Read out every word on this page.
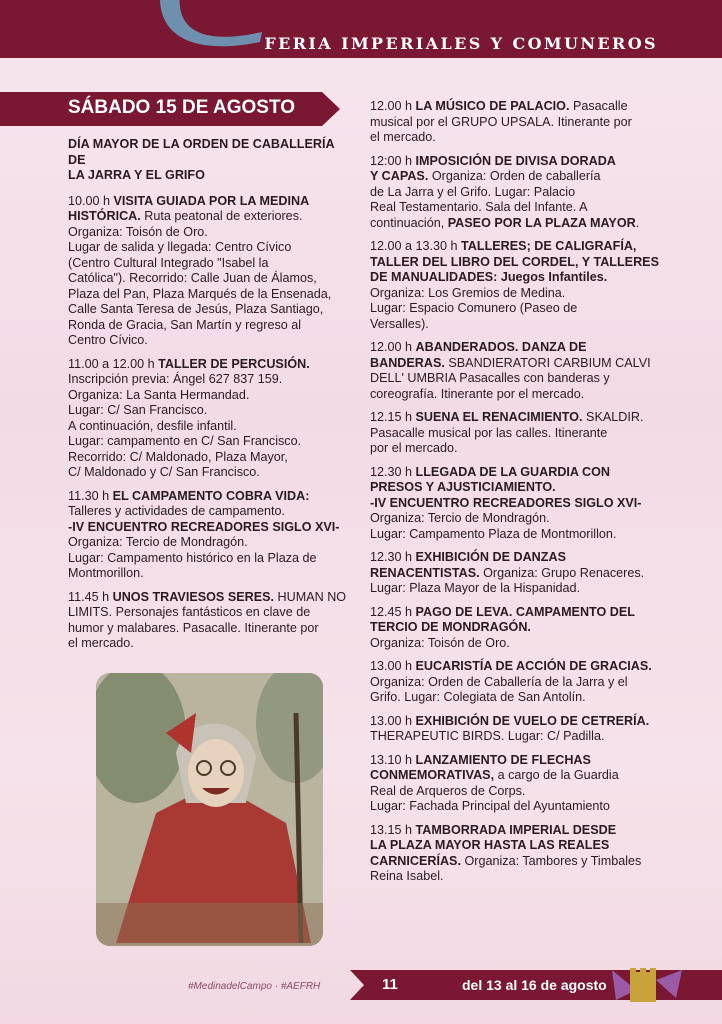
FERIA IMPERIALES Y COMUNEROS
SÁBADO 15 DE AGOSTO
DÍA MAYOR DE LA ORDEN DE CABALLERÍA DE
LA JARRA Y EL GRIFO
10.00 h VISITA GUIADA POR LA MEDINA
HISTÓRICA. Ruta peatonal de exteriores.
Organiza: Toisón de Oro.
Lugar de salida y llegada: Centro Cívico
(Centro Cultural Integrado "Isabel la
Católica"). Recorrido: Calle Juan de Álamos,
Plaza del Pan, Plaza Marqués de la Ensenada,
Calle Santa Teresa de Jesús, Plaza Santiago,
Ronda de Gracia, San Martín y regreso al
Centro Cívico.
11.00 a 12.00 h TALLER DE PERCUSIÓN.
Inscripción previa: Ángel 627 837 159.
Organiza: La Santa Hermandad.
Lugar: C/ San Francisco.
A continuación, desfile infantil.
Lugar: campamento en C/ San Francisco.
Recorrido: C/ Maldonado, Plaza Mayor,
C/ Maldonado y C/ San Francisco.
11.30 h EL CAMPAMENTO COBRA VIDA:
Talleres y actividades de campamento.
-IV ENCUENTRO RECREADORES SIGLO XVI-
Organiza: Tercio de Mondragón.
Lugar: Campamento histórico en la Plaza de
Montmorillon.
11.45 h UNOS TRAVIESOS SERES. HUMAN NO
LIMITS. Personajes fantásticos en clave de
humor y malabares. Pasacalle. Itinerante por
el mercado.
12.00 h LA MÚSICO DE PALACIO. Pasacalle
musical por el GRUPO UPSALA. Itinerante por
el mercado.
12:00 h IMPOSICIÓN DE DIVISA DORADA
Y CAPAS. Organiza: Orden de caballería
de La Jarra y el Grifo. Lugar: Palacio
Real Testamentario. Sala del Infante. A
continuación, PASEO POR LA PLAZA MAYOR.
12.00 a 13.30 h TALLERES; DE CALIGRAFÍA,
TALLER DEL LIBRO DEL CORDEL, Y TALLERES
DE MANUALIDADES: Juegos Infantiles.
Organiza: Los Gremios de Medina.
Lugar: Espacio Comunero (Paseo de
Versalles).
12.00 h ABANDERADOS. DANZA DE
BANDERAS. SBANDIERATORI CARBIUM CALVI
DELL' UMBRIA Pasacalles con banderas y
coreografía. Itinerante por el mercado.
12.15 h SUENA EL RENACIMIENTO. SKALDIR.
Pasacalle musical por las calles. Itinerante
por el mercado.
12.30 h LLEGADA DE LA GUARDIA CON
PRESOS Y AJUSTICIAMIENTO.
-IV ENCUENTRO RECREADORES SIGLO XVI-
Organiza: Tercio de Mondragón.
Lugar: Campamento Plaza de Montmorillon.
12.30 h EXHIBICIÓN DE DANZAS
RENACENTISTAS. Organiza: Grupo Renaceres.
Lugar: Plaza Mayor de la Hispanidad.
12.45 h PAGO DE LEVA. CAMPAMENTO DEL
TERCIO DE MONDRAGÓN.
Organiza: Toisón de Oro.
13.00 h EUCARISTÍA DE ACCIÓN DE GRACIAS.
Organiza: Orden de Caballería de la Jarra y el
Grifo. Lugar: Colegiata de San Antolín.
13.00 h EXHIBICIÓN DE VUELO DE CETRERÍA.
THERAPEUTIC BIRDS. Lugar: C/ Padilla.
13.10 h LANZAMIENTO DE FLECHAS
CONMEMORATIVAS, a cargo de la Guardia
Real de Arqueros de Corps.
Lugar: Fachada Principal del Ayuntamiento
13.15 h TAMBORRADA IMPERIAL DESDE
LA PLAZA MAYOR HASTA LAS REALES
CARNICERÍAS. Organiza: Tambores y Timbales
Reina Isabel.
#MedinadelCampo · #AEFRH	11	del 13 al 16 de agosto
